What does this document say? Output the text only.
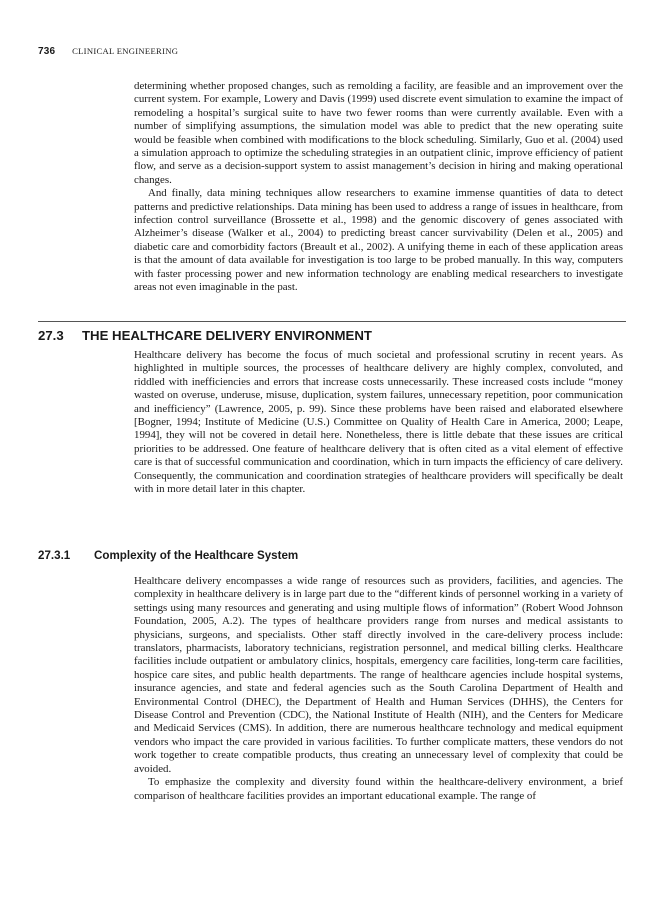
736 CLINICAL ENGINEERING

determining whether proposed changes, such as remolding a facility, are feasible and an improvement over the current system. For example, Lowery and Davis (1999) used discrete event simulation to examine the impact of remodeling a hospital’s surgical suite to have two fewer rooms than were currently available. Even with a number of simplifying assumptions, the simulation model was able to predict that the new operating suite would be feasible when combined with modifications to the block scheduling. Similarly, Guo et al. (2004) used a simulation approach to optimize the scheduling strategies in an outpatient clinic, improve efficiency of patient flow, and serve as a decision-support system to assist management’s decision in hiring and making operational changes.

And finally, data mining techniques allow researchers to examine immense quantities of data to detect patterns and predictive relationships. Data mining has been used to address a range of issues in healthcare, from infection control surveillance (Brossette et al., 1998) and the genomic discovery of genes associated with Alzheimer’s disease (Walker et al., 2004) to predicting breast cancer survivability (Delen et al., 2005) and diabetic care and comorbidity factors (Breault et al., 2002). A unifying theme in each of these application areas is that the amount of data available for investigation is too large to be probed manually. In this way, computers with faster processing power and new information technology are enabling medical researchers to investigate areas not even imaginable in the past.

27.3 THE HEALTHCARE DELIVERY ENVIRONMENT

Healthcare delivery has become the focus of much societal and professional scrutiny in recent years. As highlighted in multiple sources, the processes of healthcare delivery are highly complex, convoluted, and riddled with inefficiencies and errors that increase costs unnecessarily. These increased costs include “money wasted on overuse, underuse, misuse, duplication, system failures, unnecessary repetition, poor communication and inefficiency” (Lawrence, 2005, p. 99). Since these problems have been raised and elaborated elsewhere [Bogner, 1994; Institute of Medicine (U.S.) Committee on Quality of Health Care in America, 2000; Leape, 1994], they will not be covered in detail here. Nonetheless, there is little debate that these issues are critical priorities to be addressed. One feature of healthcare delivery that is often cited as a vital element of effective care is that of successful communication and coordination, which in turn impacts the efficiency of care delivery. Consequently, the communication and coordination strategies of healthcare providers will specifically be dealt with in more detail later in this chapter.

27.3.1 Complexity of the Healthcare System

Healthcare delivery encompasses a wide range of resources such as providers, facilities, and agencies. The complexity in healthcare delivery is in large part due to the “different kinds of personnel working in a variety of settings using many resources and generating and using multiple flows of information” (Robert Wood Johnson Foundation, 2005, A.2). The types of healthcare providers range from nurses and medical assistants to physicians, surgeons, and specialists. Other staff directly involved in the care-delivery process include: translators, pharmacists, laboratory technicians, registration personnel, and medical billing clerks. Healthcare facilities include outpatient or ambulatory clinics, hospitals, emergency care facilities, long-term care facilities, hospice care sites, and public health departments. The range of healthcare agencies include hospital systems, insurance agencies, and state and federal agencies such as the South Carolina Department of Health and Environmental Control (DHEC), the Department of Health and Human Services (DHHS), the Centers for Disease Control and Prevention (CDC), the National Institute of Health (NIH), and the Centers for Medicare and Medicaid Services (CMS). In addition, there are numerous healthcare technology and medical equipment vendors who impact the care provided in various facilities. To further complicate matters, these vendors do not work together to create compatible products, thus creating an unnecessary level of complexity that could be avoided.

To emphasize the complexity and diversity found within the healthcare-delivery environment, a brief comparison of healthcare facilities provides an important educational example. The range of
